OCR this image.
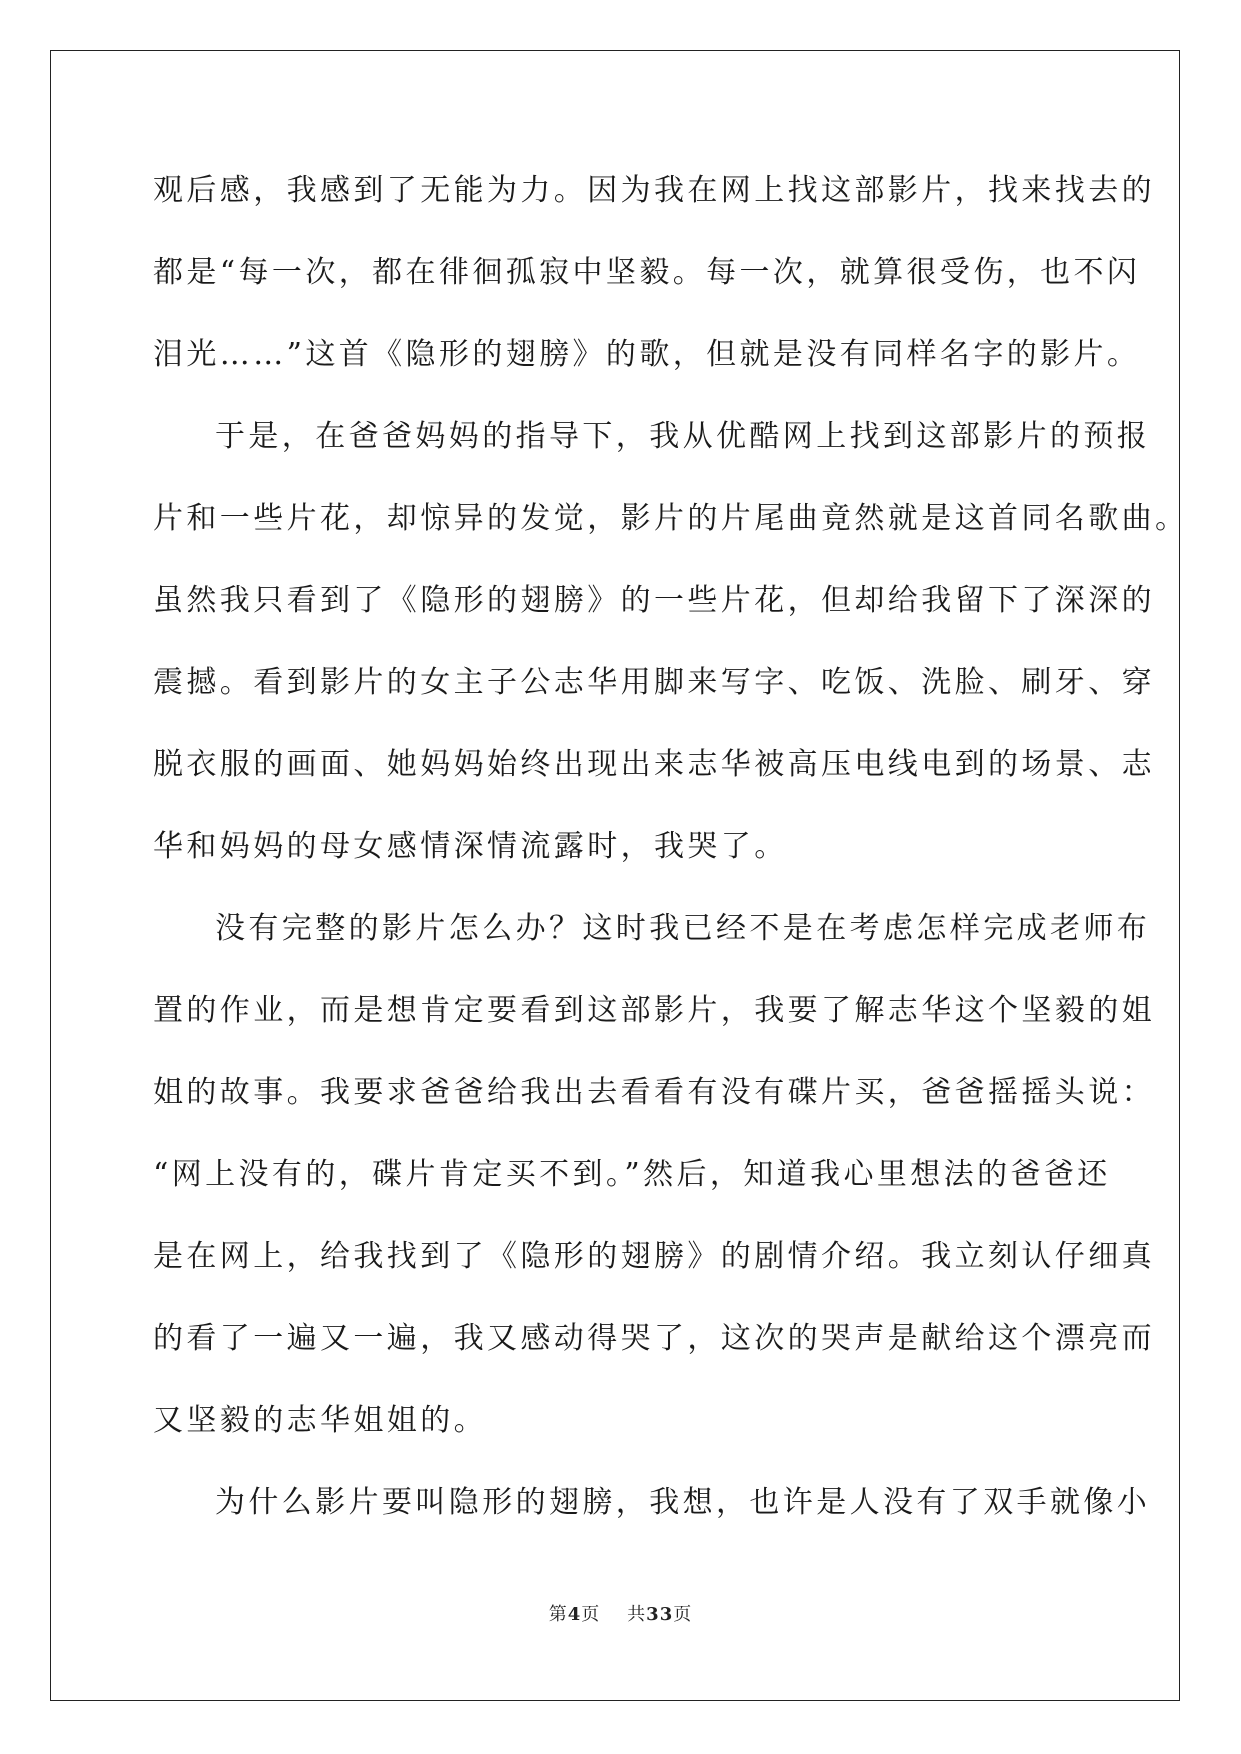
观后感，我感到了无能为力。因为我在网上找这部影片，找来找去的
都是“每一次，都在徘徊孤寂中坚毅。每一次，就算很受伤，也不闪
泪光……”这首《隐形的翅膀》的歌，但就是没有同样名字的影片。
于是，在爸爸妈妈的指导下，我从优酷网上找到这部影片的预报
片和一些片花，却惊异的发觉，影片的片尾曲竟然就是这首同名歌曲。
虽然我只看到了《隐形的翅膀》的一些片花，但却给我留下了深深的
震撼。看到影片的女主子公志华用脚来写字、吃饭、洗脸、刷牙、穿
脱衣服的画面、她妈妈始终出现出来志华被高压电线电到的场景、志
华和妈妈的母女感情深情流露时，我哭了。
没有完整的影片怎么办？这时我已经不是在考虑怎样完成老师布
置的作业，而是想肯定要看到这部影片，我要了解志华这个坚毅的姐
姐的故事。我要求爸爸给我出去看看有没有碟片买，爸爸摇摇头说：
“网上没有的，碟片肯定买不到。”然后，知道我心里想法的爸爸还
是在网上，给我找到了《隐形的翅膀》的剧情介绍。我立刻认仔细真
的看了一遍又一遍，我又感动得哭了，这次的哭声是献给这个漂亮而
又坚毅的志华姐姐的。
为什么影片要叫隐形的翅膀，我想，也许是人没有了双手就像小
第4页 共33页
